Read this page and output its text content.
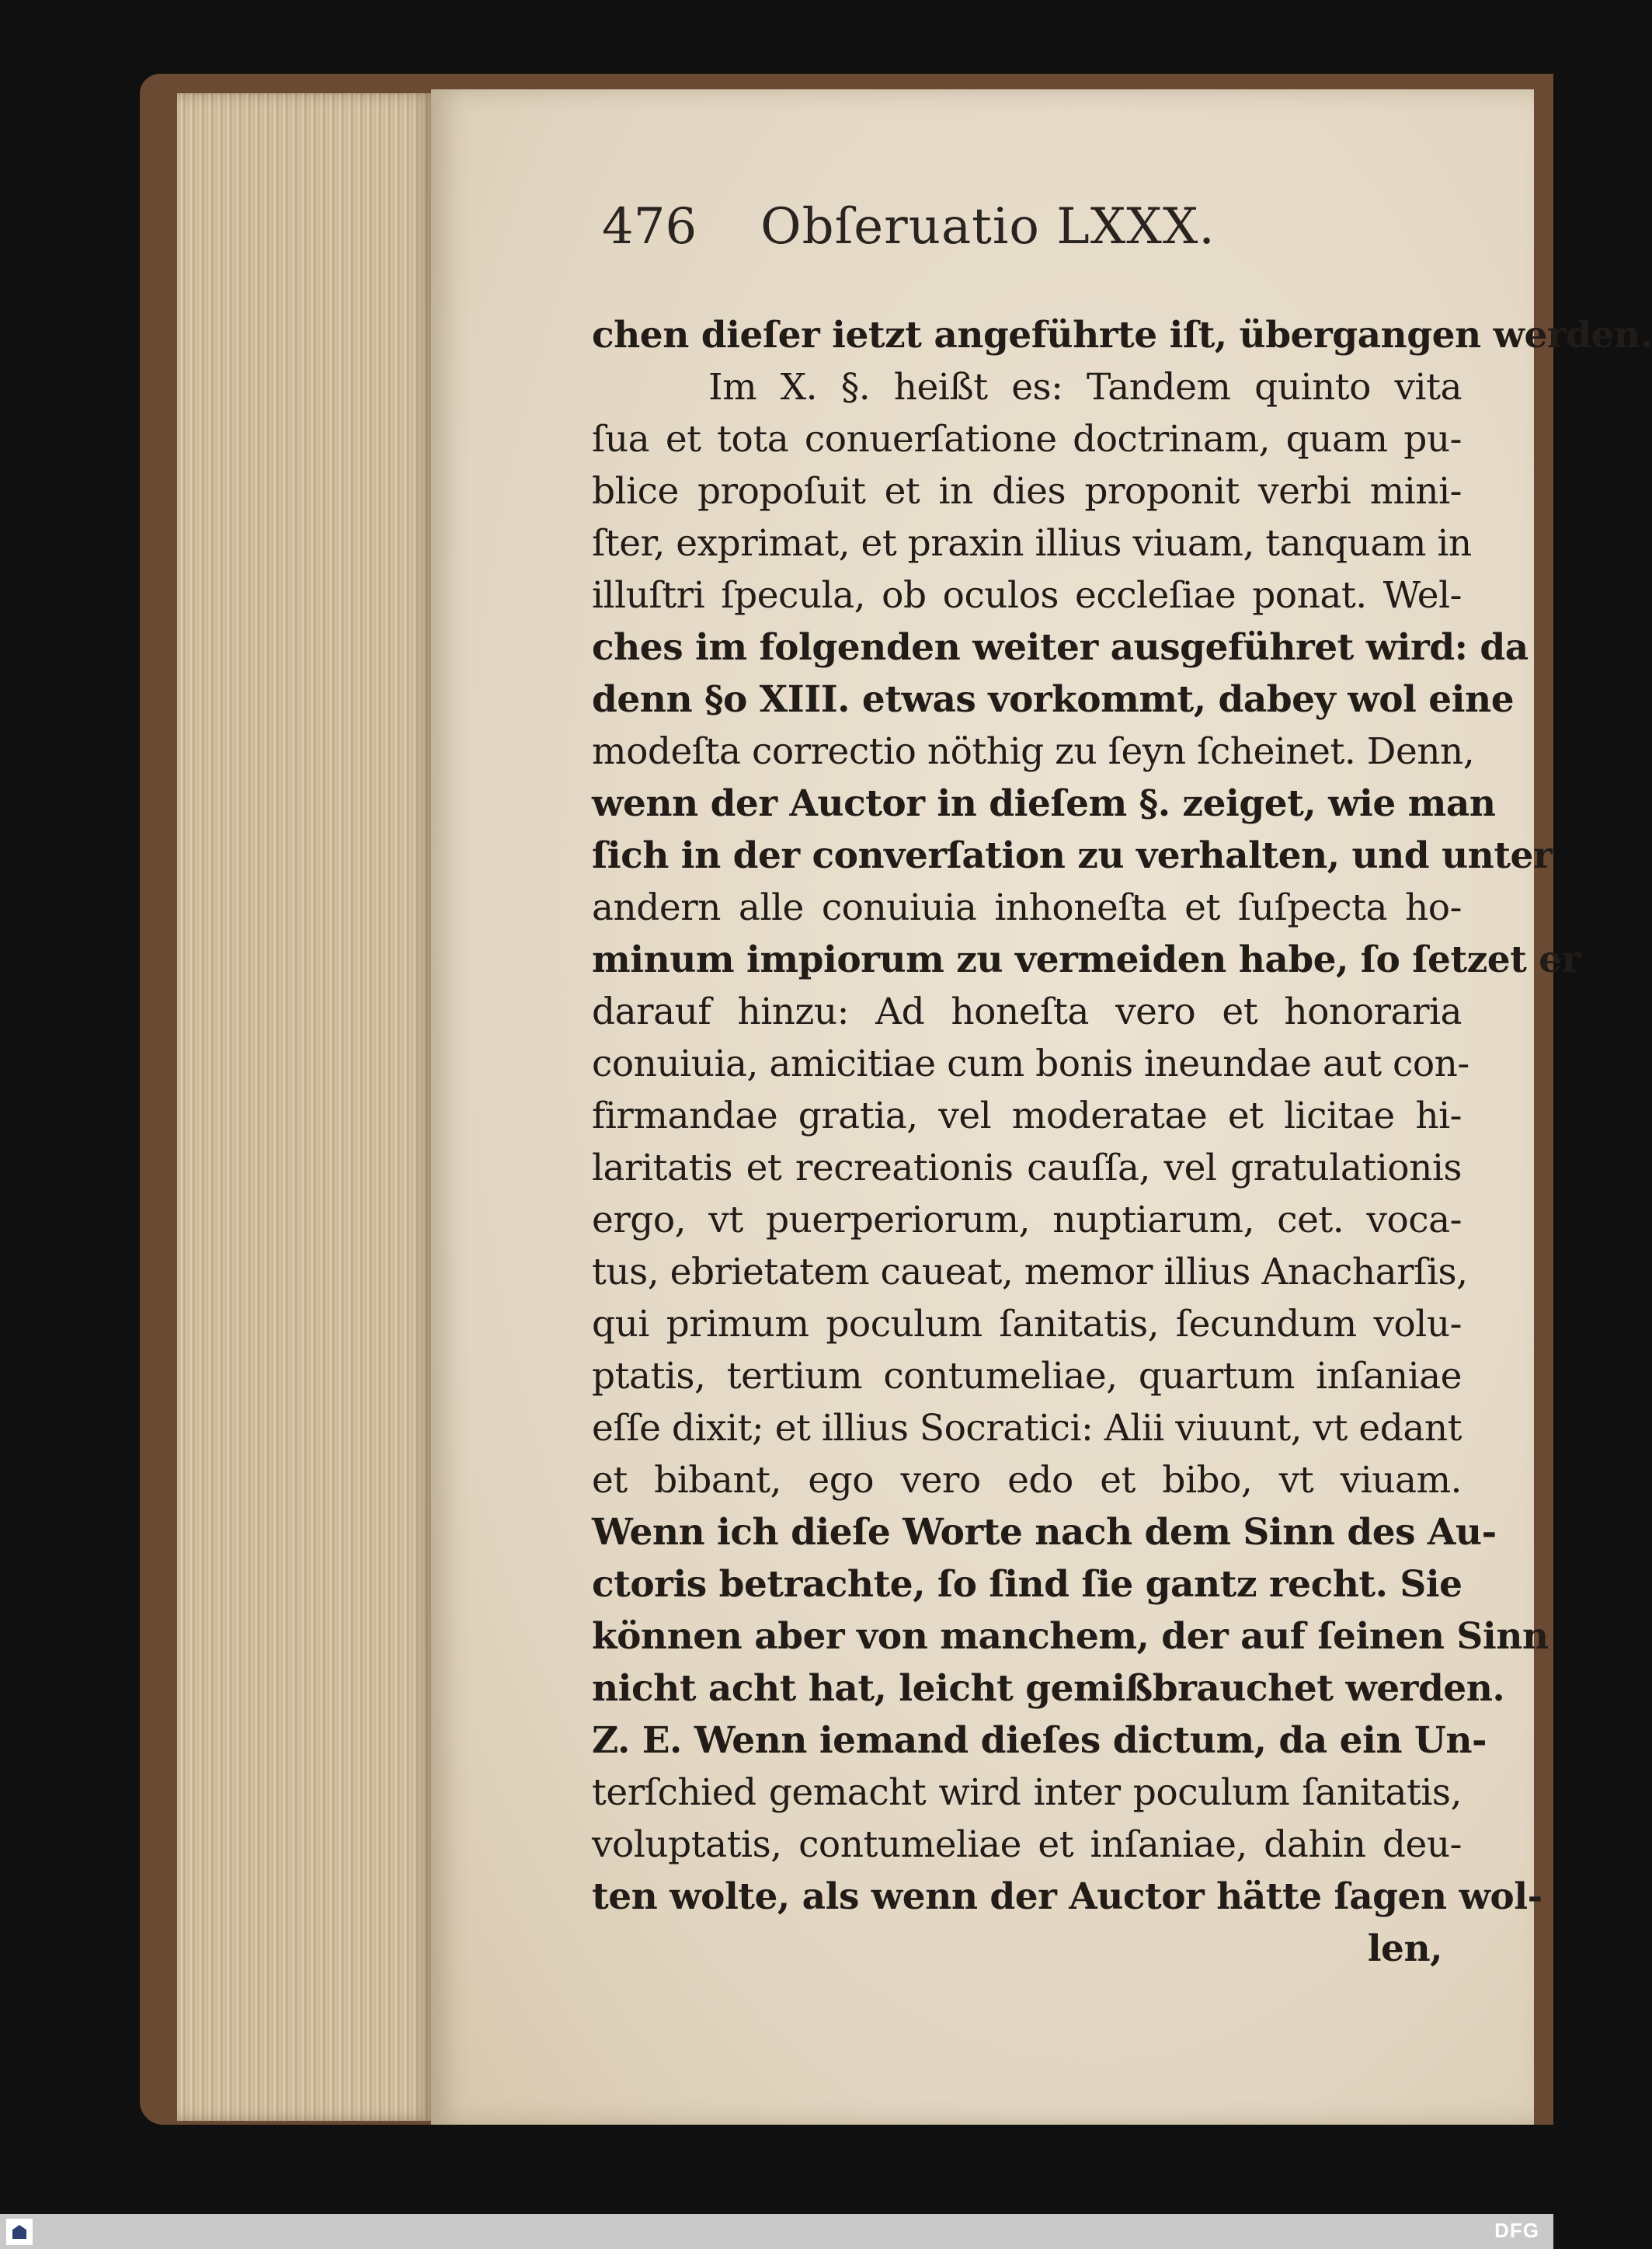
476 Obſeruatio LXXX.
chen dieſer ietzt angeführte iſt, übergangen werden.
Im X. §. heißt es: Tandem quinto vita
ſua et tota conuerſatione doctrinam, quam pu-
blice propoſuit et in dies proponit verbi mini-
ſter, exprimat, et praxin illius viuam, tanquam in
illuſtri ſpecula, ob oculos eccleſiae ponat. Wel-
ches im folgenden weiter ausgeführet wird: da
denn §o XIII. etwas vorkommt, dabey wol eine
modeſta correctio nöthig zu ſeyn ſcheinet. Denn,
wenn der Auctor in dieſem §. zeiget, wie man
ſich in der converſation zu verhalten, und unter
andern alle conuiuia inhoneſta et ſuſpecta ho-
minum impiorum zu vermeiden habe, ſo ſetzet er
darauf hinzu: Ad honeſta vero et honoraria
conuiuia, amicitiae cum bonis ineundae aut con-
firmandae gratia, vel moderatae et licitae hi-
laritatis et recreationis cauſſa, vel gratulationis
ergo, vt puerperiorum, nuptiarum, cet. voca-
tus, ebrietatem caueat, memor illius Anacharſis,
qui primum poculum ſanitatis, ſecundum volu-
ptatis, tertium contumeliae, quartum inſaniae
eſſe dixit; et illius Socratici: Alii viuunt, vt edant
et bibant, ego vero edo et bibo, vt viuam.
Wenn ich dieſe Worte nach dem Sinn des Au-
ctoris betrachte, ſo ſind ſie gantz recht. Sie
können aber von manchem, der auf ſeinen Sinn
nicht acht hat, leicht gemißbrauchet werden.
Z. E. Wenn iemand dieſes dictum, da ein Un-
terſchied gemacht wird inter poculum ſanitatis,
voluptatis, contumeliae et inſaniae, dahin deu-
ten wolte, als wenn der Auctor hätte ſagen wol-
len,
DFG
